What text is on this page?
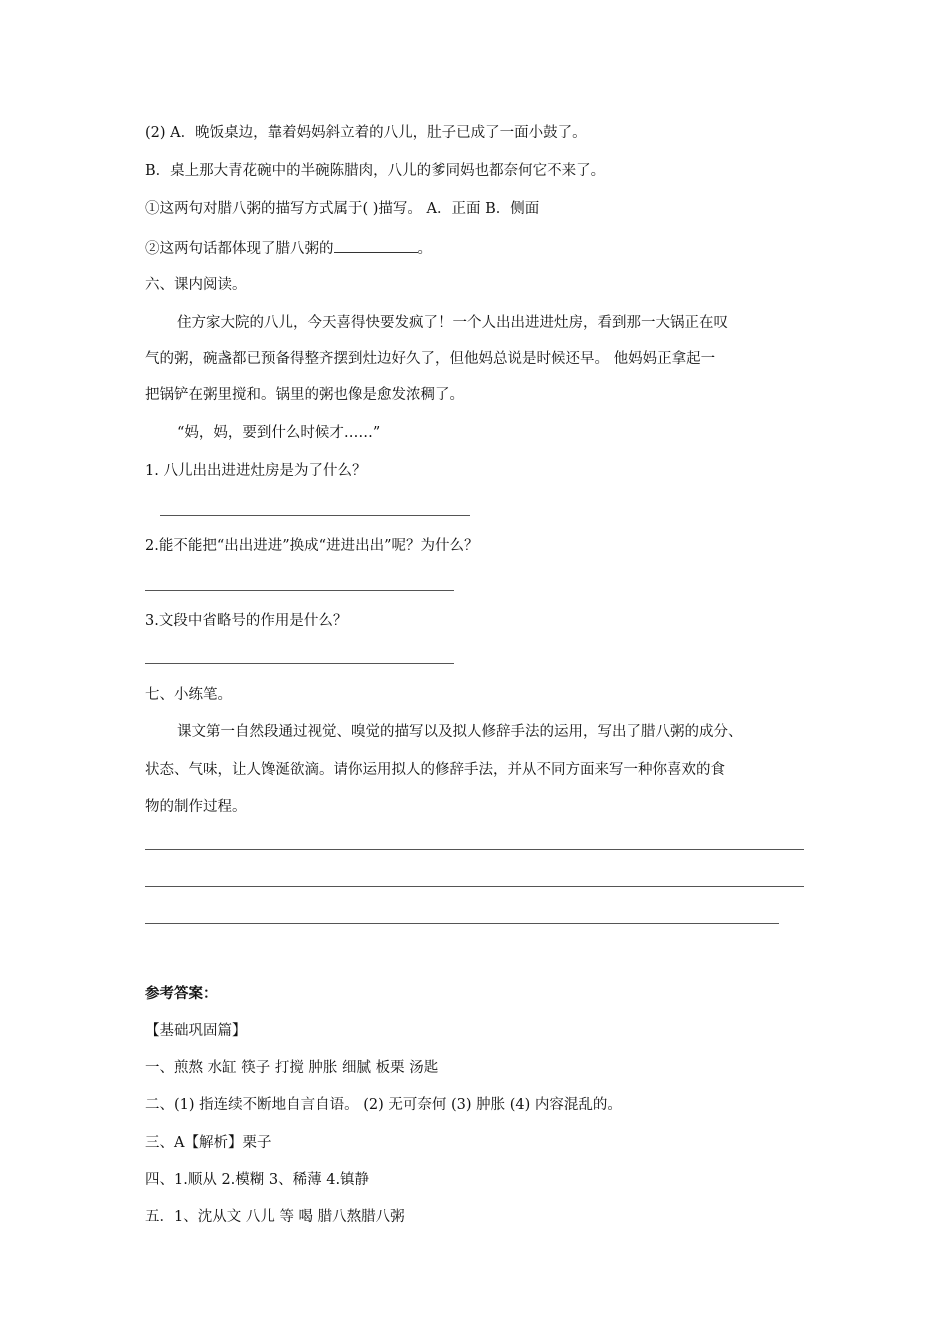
(2) A．晚饭桌边，靠着妈妈斜立着的八儿，肚子已成了一面小鼓了。

B．桌上那大青花碗中的半碗陈腊肉，八儿的爹同妈也都奈何它不来了。

①这两句对腊八粥的描写方式属于( )描写。 A．正面 B．侧面

②这两句话都体现了腊八粥的	。

六、课内阅读。

住方家大院的八儿，今天喜得快要发疯了！一个人出出进进灶房，看到那一大锅正在叹

气的粥，碗盏都已预备得整齐摆到灶边好久了，但他妈总说是时候还早。 他妈妈正拿起一

把锅铲在粥里搅和。锅里的粥也像是愈发浓稠了。

“妈，妈，要到什么时候才……”

1. 八儿出出进进灶房是为了什么？

2.能不能把“出出进进”换成“进进出出”呢？为什么？

3.文段中省略号的作用是什么？

七、小练笔。

课文第一自然段通过视觉、嗅觉的描写以及拟人修辞手法的运用，写出了腊八粥的成分、

状态、气味，让人馋涎欲滴。请你运用拟人的修辞手法，并从不同方面来写一种你喜欢的食

物的制作过程。

参考答案：

【基础巩固篇】

一、煎熬 水缸 筷子 打搅 肿胀 细腻 板栗 汤匙

二、(1) 指连续不断地自言自语。 (2) 无可奈何 (3) 肿胀 (4) 内容混乱的。

三、A【解析】栗子

四、1.顺从 2.模糊 3、稀薄 4.镇静

五．1、沈从文 八儿 等 喝 腊八熬腊八粥
